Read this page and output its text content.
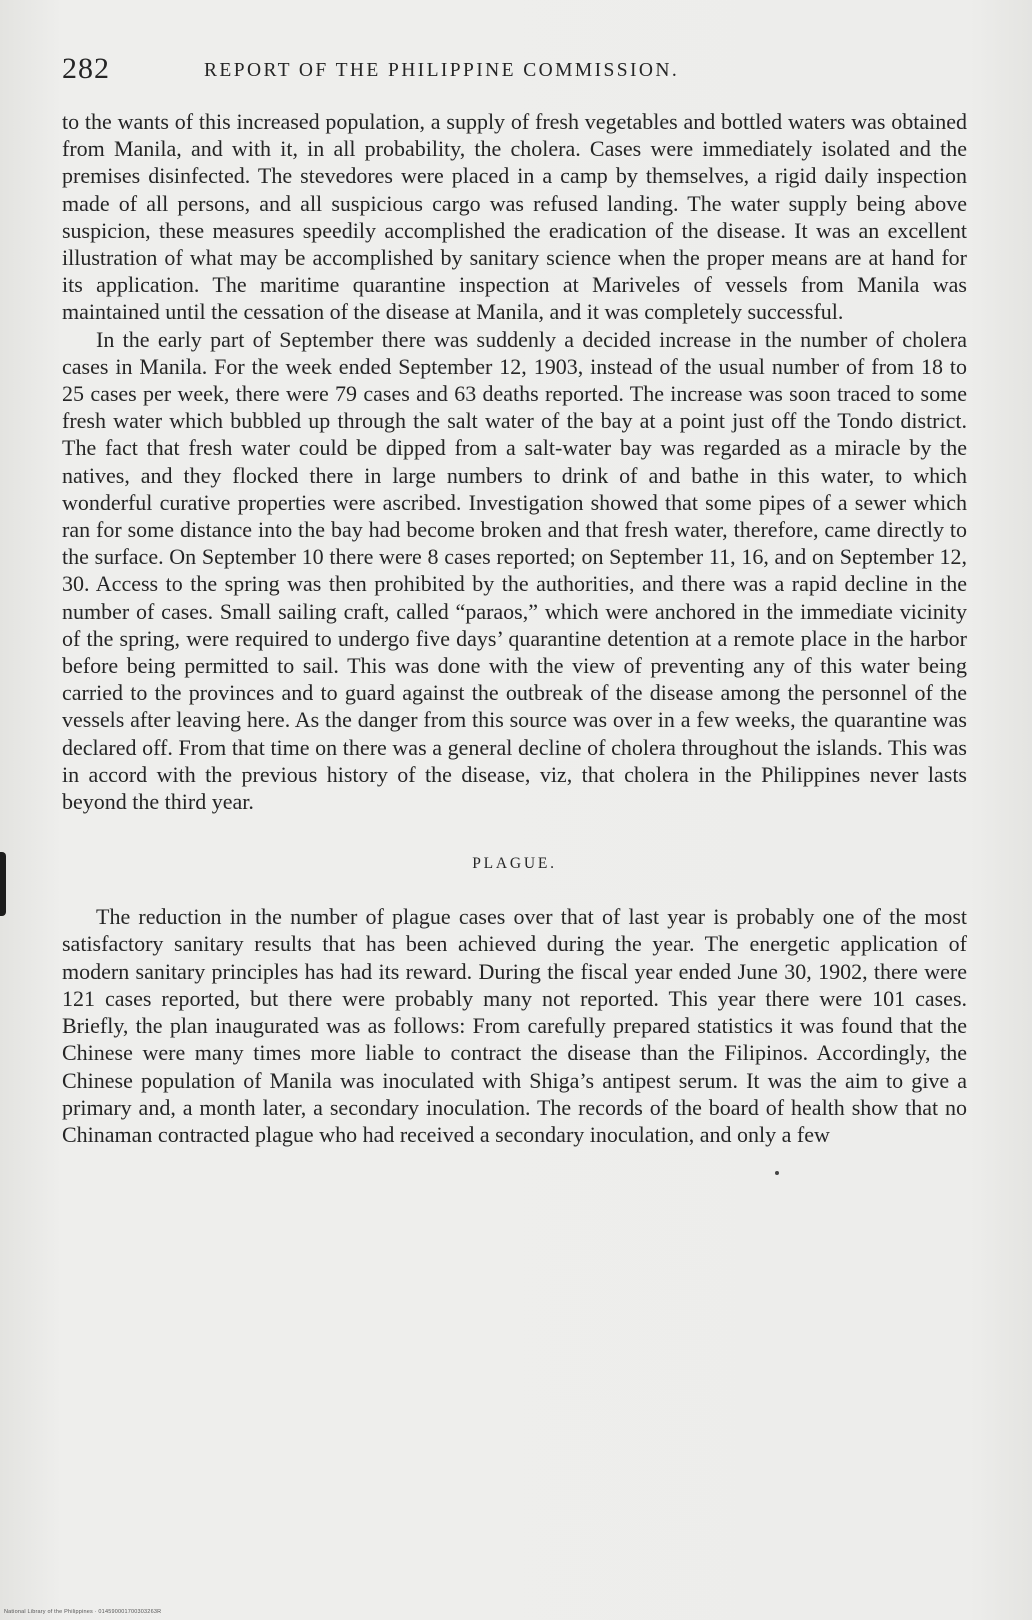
282	REPORT OF THE PHILIPPINE COMMISSION.

to the wants of this increased population, a supply of fresh vegetables and bottled waters was obtained from Manila, and with it, in all probability, the cholera. Cases were immediately isolated and the premises disinfected. The stevedores were placed in a camp by themselves, a rigid daily inspection made of all persons, and all suspicious cargo was refused landing. The water supply being above suspicion, these measures speedily accomplished the eradication of the disease. It was an excellent illustration of what may be accomplished by sanitary science when the proper means are at hand for its application. The maritime quarantine inspection at Mariveles of vessels from Manila was maintained until the cessation of the disease at Manila, and it was completely successful.

In the early part of September there was suddenly a decided increase in the number of cholera cases in Manila. For the week ended September 12, 1903, instead of the usual number of from 18 to 25 cases per week, there were 79 cases and 63 deaths reported. The increase was soon traced to some fresh water which bubbled up through the salt water of the bay at a point just off the Tondo district. The fact that fresh water could be dipped from a salt-water bay was regarded as a miracle by the natives, and they flocked there in large numbers to drink of and bathe in this water, to which wonderful curative properties were ascribed. Investigation showed that some pipes of a sewer which ran for some distance into the bay had become broken and that fresh water, therefore, came directly to the surface. On September 10 there were 8 cases reported; on September 11, 16, and on September 12, 30. Access to the spring was then prohibited by the authorities, and there was a rapid decline in the number of cases. Small sailing craft, called “paraos,” which were anchored in the immediate vicinity of the spring, were required to undergo five days’ quarantine detention at a remote place in the harbor before being permitted to sail. This was done with the view of preventing any of this water being carried to the provinces and to guard against the outbreak of the disease among the personnel of the vessels after leaving here. As the danger from this source was over in a few weeks, the quarantine was declared off. From that time on there was a general decline of cholera throughout the islands. This was in accord with the previous history of the disease, viz, that cholera in the Philippines never lasts beyond the third year.

PLAGUE.

The reduction in the number of plague cases over that of last year is probably one of the most satisfactory sanitary results that has been achieved during the year. The energetic application of modern sanitary principles has had its reward. During the fiscal year ended June 30, 1902, there were 121 cases reported, but there were probably many not reported. This year there were 101 cases. Briefly, the plan inaugurated was as follows: From carefully prepared statistics it was found that the Chinese were many times more liable to contract the disease than the Filipinos. Accordingly, the Chinese population of Manila was inoculated with Shiga’s antipest serum. It was the aim to give a primary and, a month later, a secondary inoculation. The records of the board of health show that no Chinaman contracted plague who had received a secondary inoculation, and only a few

National Library of the Philippines · 014590001700303263R
